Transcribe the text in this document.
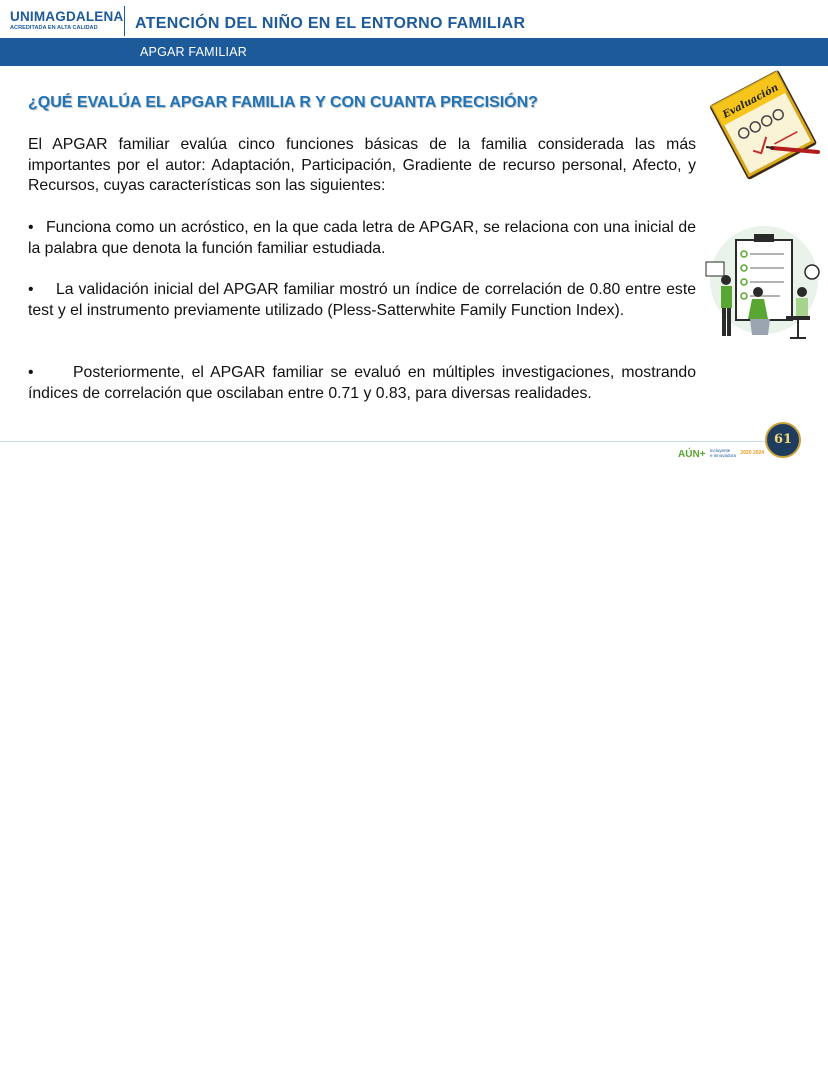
UNIMAGDALENA
ACREDITADA EN ALTA CALIDAD	ATENCIÓN DEL NIÑO EN EL ENTORNO FAMILIAR
APGAR FAMILIAR
¿QUÉ EVALÚA EL APGAR FAMILIA R Y CON CUANTA PRECISIÓN?

El APGAR familiar evalúa cinco funciones básicas de la familia considerada las más importantes por el autor: Adaptación, Participación, Gradiente de recurso personal, Afecto, y Recursos, cuyas características son las siguientes:

• Funciona como un acróstico, en la que cada letra de APGAR, se relaciona con una inicial de la palabra que denota la función familiar estudiada.

• La validación inicial del APGAR familiar mostró un índice de correlación de 0.80 entre este test y el instrumento previamente utilizado (Pless-Satterwhite Family Function Index).

• Posteriormente, el APGAR familiar se evaluó en múltiples investigaciones, mostrando índices de correlación que oscilaban entre 0.71 y 0.83, para diversas realidades.

Evaluación
AÚN+ incluyente
e innovadora 2020 2024
61
